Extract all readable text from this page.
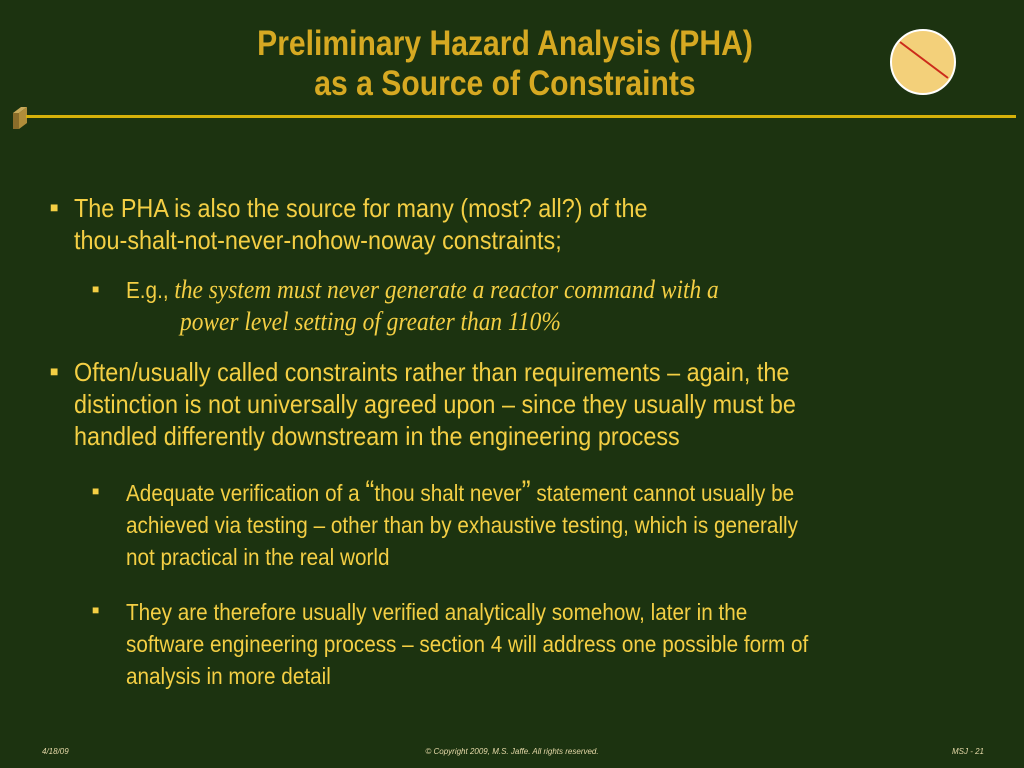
Preliminary Hazard Analysis (PHA)
as a Source of Constraints
■ The PHA is also the source for many (most? all?) of the
thou-shalt-not-never-nohow-noway constraints;
■ E.g., the system must never generate a reactor command with a
power level setting of greater than 110%
■ Often/usually called constraints rather than requirements – again, the
distinction is not universally agreed upon – since they usually must be
handled differently downstream in the engineering process
■ Adequate verification of a “thou shalt never” statement cannot usually be
achieved via testing – other than by exhaustive testing, which is generally
not practical in the real world
■ They are therefore usually verified analytically somehow, later in the
software engineering process – section 4 will address one possible form of
analysis in more detail
4/18/09	© Copyright 2009, M.S. Jaffe. All rights reserved.	MSJ - 21
